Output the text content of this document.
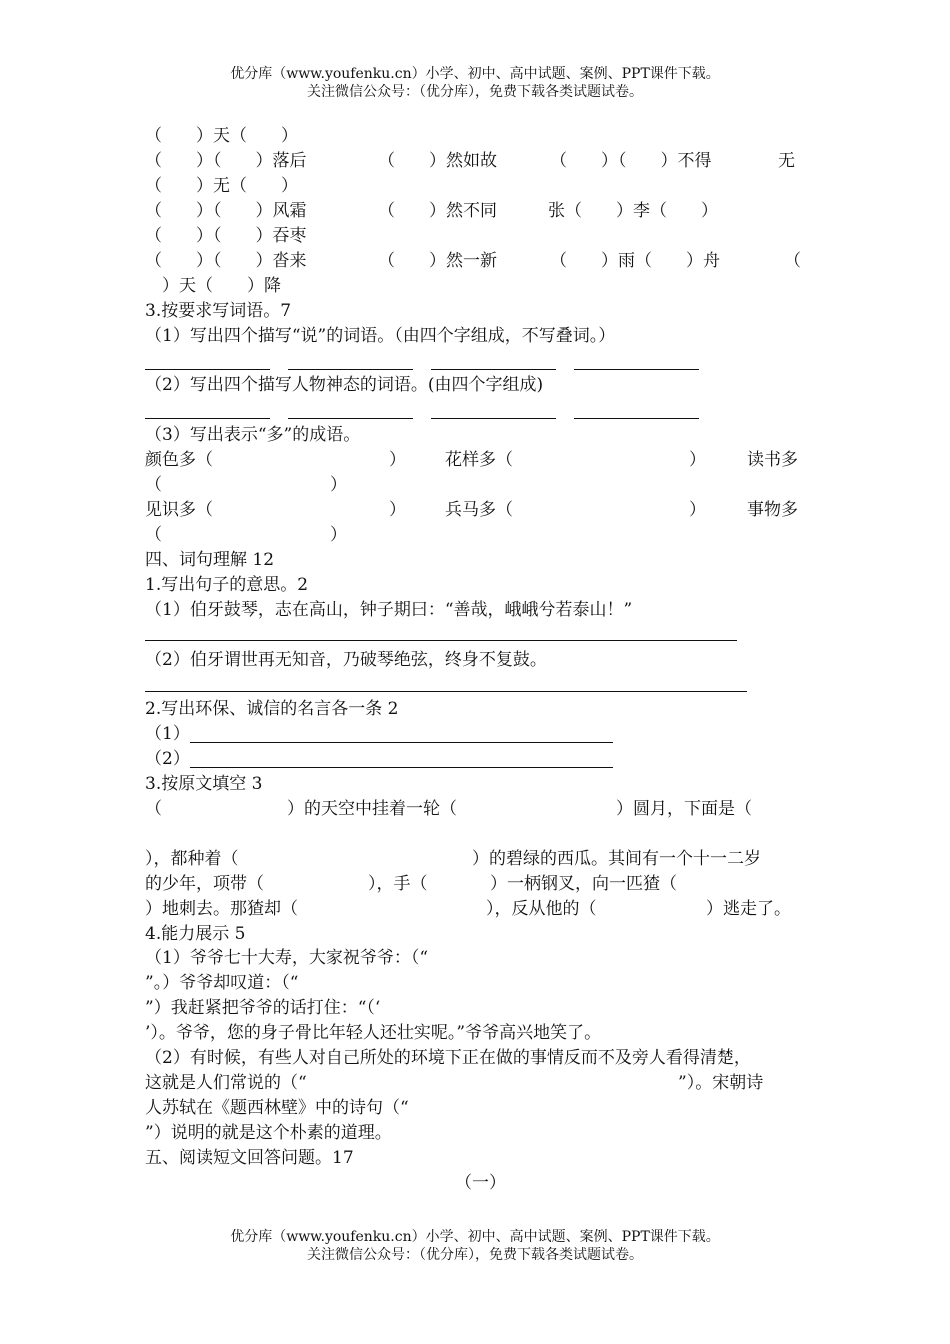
优分库（www.youfenku.cn）小学、初中、高中试题、案例、PPT课件下载。
关注微信公众号：（优分库），免费下载各类试题试卷。
（　　）天（　　）
（　　）（　　）落后	（　　）然如故	（　　）（　　）不得	无
（　　）无（　　）
（　　）（　　）风霜	（　　）然不同	张（　　）李（　　）
（　　）（　　）吞枣
（　　）（　　）沓来	（　　）然一新	（　　）雨（　　）舟	（
）天（　　）降
3.按要求写词语。7
（1）写出四个描写“说”的词语。（由四个字组成，不写叠词。）
（2）写出四个描写人物神态的词语。(由四个字组成)
（3）写出表示“多”的成语。
颜色多（	） 花样多（	） 读书多
（	）
见识多（	） 兵马多（	） 事物多
（	）
四、词句理解 12
1.写出句子的意思。2
（1）伯牙鼓琴，志在高山，钟子期曰：“善哉，峨峨兮若泰山！”
（2）伯牙谓世再无知音，乃破琴绝弦，终身不复鼓。
2.写出环保、诚信的名言各一条 2
（1）
（2）
3.按原文填空 3
（	）的天空中挂着一轮（	）圆月，下面是（
），都种着（	）的碧绿的西瓜。其间有一个十一二岁
的少年，项带（	），手（	）一柄钢叉，向一匹猹（
）地刺去。那猹却（	），反从他的（	）逃走了。
4.能力展示 5
（1）爷爷七十大寿，大家祝爷爷：（“
”。）爷爷却叹道：（“
”）我赶紧把爷爷的话打住：“（‘
’）。爷爷，您的身子骨比年轻人还壮实呢。”爷爷高兴地笑了。
（2）有时候，有些人对自己所处的环境下正在做的事情反而不及旁人看得清楚，
这就是人们常说的（“	”）。宋朝诗
人苏轼在《题西林壁》中的诗句（“
”）说明的就是这个朴素的道理。
五、阅读短文回答问题。17
（一）
优分库（www.youfenku.cn）小学、初中、高中试题、案例、PPT课件下载。
关注微信公众号：（优分库），免费下载各类试题试卷。
